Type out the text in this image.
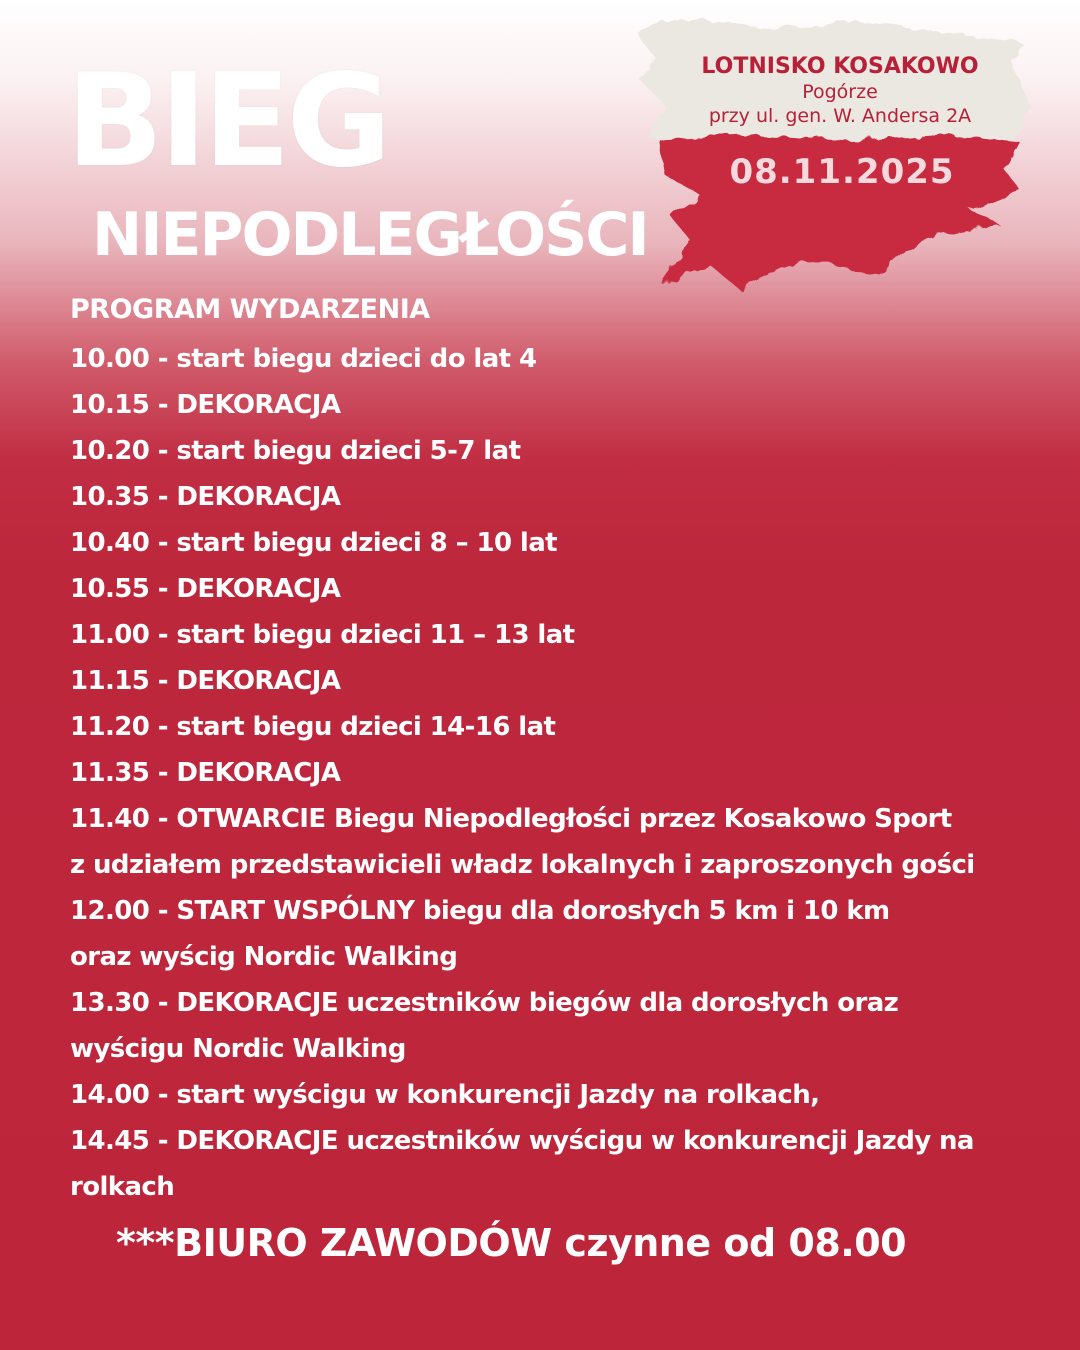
BIEG
NIEPODLEGŁOŚCI
LOTNISKO KOSAKOWO
Pogórze
przy ul. gen. W. Andersa 2A
08.11.2025
PROGRAM WYDARZENIA
10.00 - start biegu dzieci do lat 4
10.15 - DEKORACJA
10.20 - start biegu dzieci 5-7 lat
10.35 - DEKORACJA
10.40 - start biegu dzieci 8 – 10 lat
10.55 - DEKORACJA
11.00 - start biegu dzieci 11 – 13 lat
11.15 - DEKORACJA
11.20 - start biegu dzieci 14-16 lat
11.35 - DEKORACJA
11.40 - OTWARCIE Biegu Niepodległości przez Kosakowo Sport
z udziałem przedstawicieli władz lokalnych i zaproszonych gości
12.00 - START WSPÓLNY biegu dla dorosłych 5 km i 10 km
oraz wyścig Nordic Walking
13.30 - DEKORACJE uczestników biegów dla dorosłych oraz
wyścigu Nordic Walking
14.00 - start wyścigu w konkurencji Jazdy na rolkach,
14.45 - DEKORACJE uczestników wyścigu w konkurencji Jazdy na
rolkach
***BIURO ZAWODÓW czynne od 08.00
